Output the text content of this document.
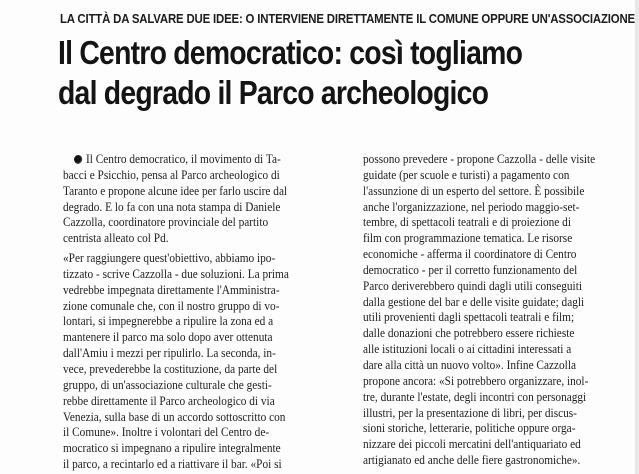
LA CITTÀ DA SALVARE DUE IDEE: O INTERVIENE DIRETTAMENTE IL COMUNE OPPURE UN'ASSOCIAZIONE
Il Centro democratico: così togliamo
dal degrado il Parco archeologico

Il Centro democratico, il movimento di Ta-
bacci e Psicchio, pensa al Parco archeologico di
Taranto e propone alcune idee per farlo uscire dal
degrado. E lo fa con una nota stampa di Daniele
Cazzolla, coordinatore provinciale del partito
centrista alleato col Pd.

«Per raggiungere quest'obiettivo, abbiamo ipo-
tizzato - scrive Cazzolla - due soluzioni. La prima
vedrebbe impegnata direttamente l'Amministra-
zione comunale che, con il nostro gruppo di vo-
lontari, si impegnerebbe a ripulire la zona ed a
mantenere il parco ma solo dopo aver ottenuta
dall'Amiu i mezzi per ripulirlo. La seconda, in-
vece, prevederebbe la costituzione, da parte del
gruppo, di un'associazione culturale che gesti-
rebbe direttamente il Parco archeologico di via
Venezia, sulla base di un accordo sottoscritto con
il Comune». Inoltre i volontari del Centro de-
mocratico si impegnano a ripulire integralmente
il parco, a recintarlo ed a riattivare il bar. «Poi si

possono prevedere - propone Cazzolla - delle visite
guidate (per scuole e turisti) a pagamento con
l'assunzione di un esperto del settore. È possibile
anche l'organizzazione, nel periodo maggio-set-
tembre, di spettacoli teatrali e di proiezione di
film con programmazione tematica. Le risorse
economiche - afferma il coordinatore di Centro
democratico - per il corretto funzionamento del
Parco deriverebbero quindi dagli utili conseguiti
dalla gestione del bar e delle visite guidate; dagli
utili provenienti dagli spettacoli teatrali e film;
dalle donazioni che potrebbero essere richieste
alle istituzioni locali o ai cittadini interessati a
dare alla città un nuovo volto». Infine Cazzolla
propone ancora: «Si potrebbero organizzare, inol-
tre, durante l'estate, degli incontri con personaggi
illustri, per la presentazione di libri, per discus-
sioni storiche, letterarie, politiche oppure orga-
nizzare dei piccoli mercatini dell'antiquariato ed
artigianato ed anche delle fiere gastronomiche».
